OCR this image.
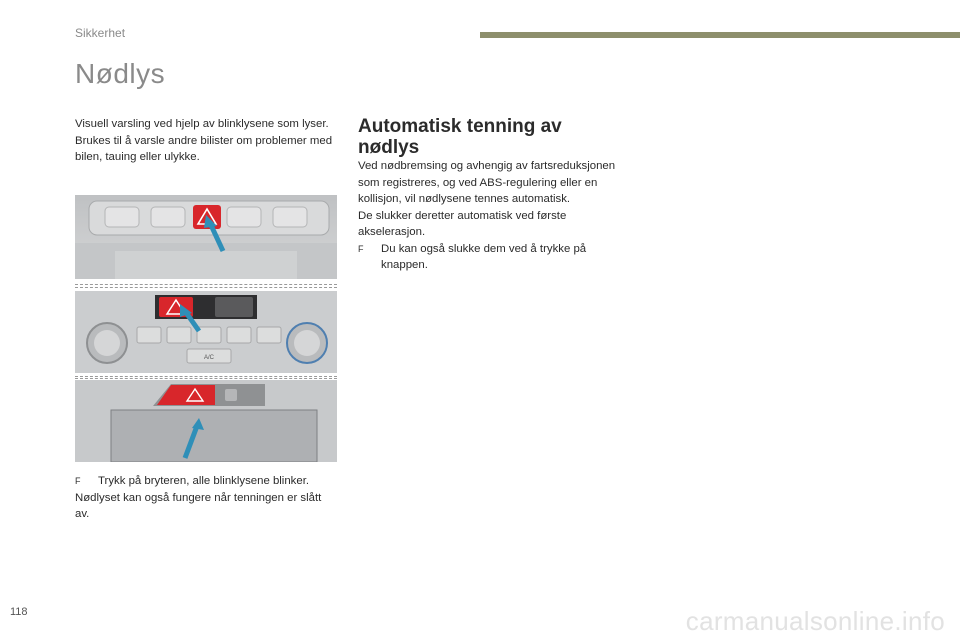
Sikkerhet
Nødlys

Visuell varsling ved hjelp av blinklysene som lyser. Brukes til å varsle andre bilister om problemer med bilen, tauing eller ulykke.

A/C
F	Trykk på bryteren, alle blinklysene blinker.
Nødlyset kan også fungere når tenningen er slått av.
Automatisk tenning av nødlys
Ved nødbremsing og avhengig av fartsreduksjonen som registreres, og ved ABS-regulering eller en kollisjon, vil nødlysene tennes automatisk.
De slukker deretter automatisk ved første akselerasjon.
F	Du kan også slukke dem ved å trykke på knappen.
118	carmanualsonline.info
